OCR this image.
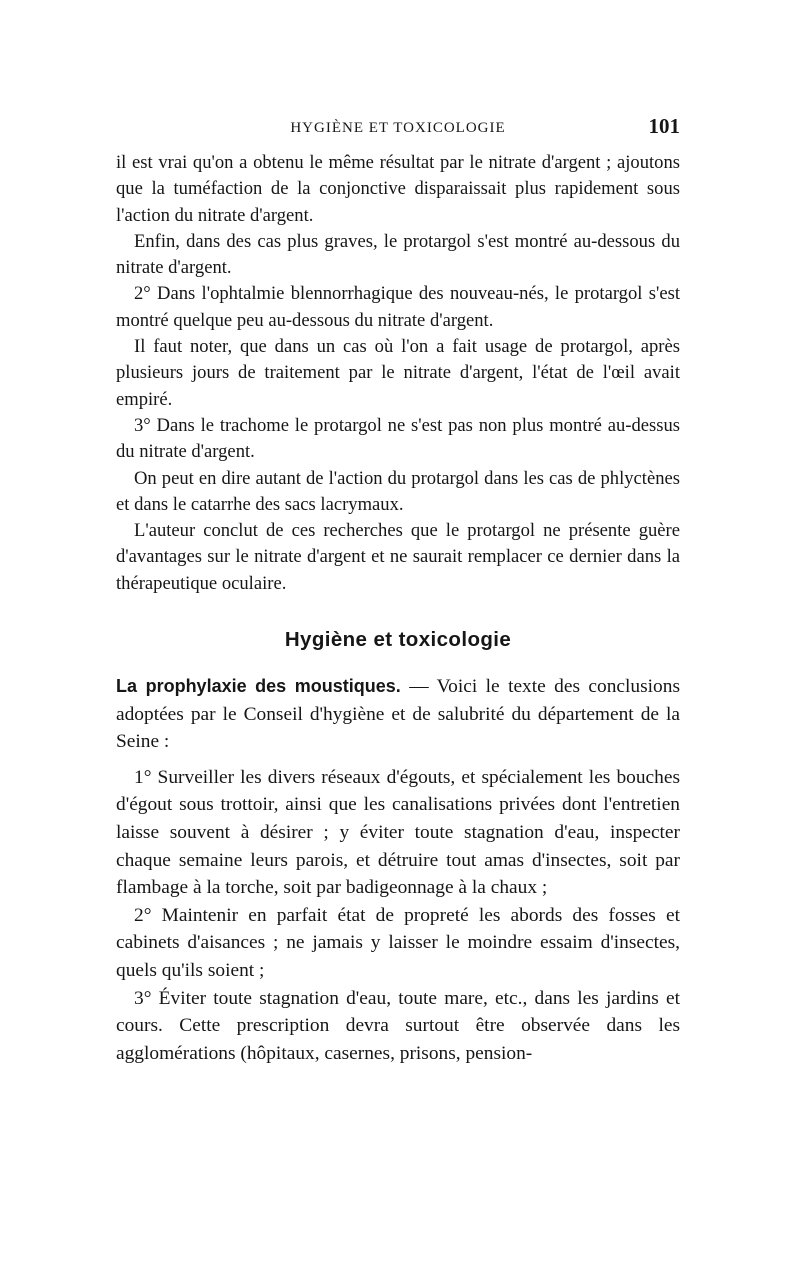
HYGIÈNE ET TOXICOLOGIE	101

il est vrai qu'on a obtenu le même résultat par le nitrate d'argent ; ajoutons que la tuméfaction de la conjonctive disparaissait plus rapidement sous l'action du nitrate d'argent.

Enfin, dans des cas plus graves, le protargol s'est montré au-dessous du nitrate d'argent.

2° Dans l'ophtalmie blennorrhagique des nouveau-nés, le protargol s'est montré quelque peu au-dessous du nitrate d'argent.

Il faut noter, que dans un cas où l'on a fait usage de protargol, après plusieurs jours de traitement par le nitrate d'argent, l'état de l'œil avait empiré.

3° Dans le trachome le protargol ne s'est pas non plus montré au-dessus du nitrate d'argent.

On peut en dire autant de l'action du protargol dans les cas de phlyctènes et dans le catarrhe des sacs lacrymaux.

L'auteur conclut de ces recherches que le protargol ne présente guère d'avantages sur le nitrate d'argent et ne saurait remplacer ce dernier dans la thérapeutique oculaire.

Hygiène et toxicologie

La prophylaxie des moustiques. — Voici le texte des conclusions adoptées par le Conseil d'hygiène et de salubrité du département de la Seine :

1° Surveiller les divers réseaux d'égouts, et spécialement les bouches d'égout sous trottoir, ainsi que les canalisations privées dont l'entretien laisse souvent à désirer ; y éviter toute stagnation d'eau, inspecter chaque semaine leurs parois, et détruire tout amas d'insectes, soit par flambage à la torche, soit par badigeonnage à la chaux ;

2° Maintenir en parfait état de propreté les abords des fosses et cabinets d'aisances ; ne jamais y laisser le moindre essaim d'insectes, quels qu'ils soient ;

3° Éviter toute stagnation d'eau, toute mare, etc., dans les jardins et cours. Cette prescription devra surtout être observée dans les agglomérations (hôpitaux, casernes, prisons, pension-
